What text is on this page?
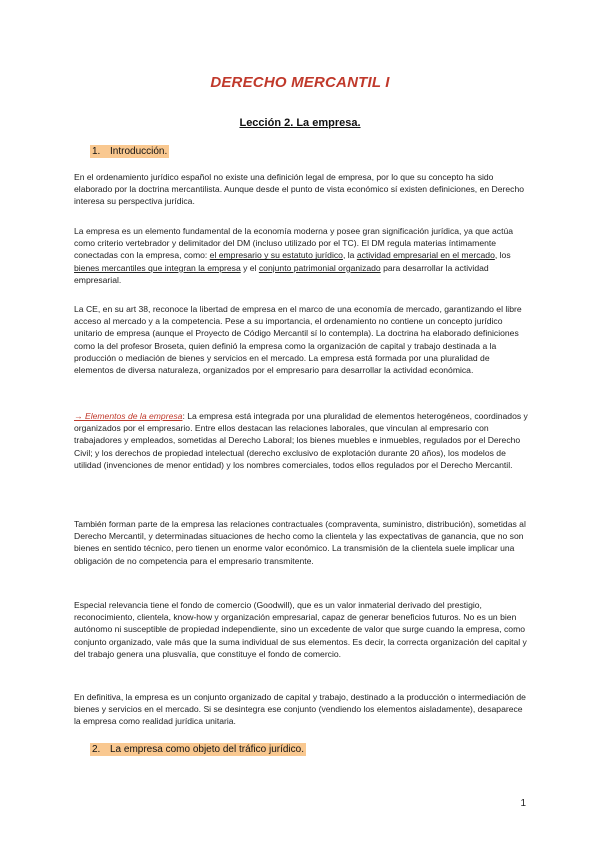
DERECHO MERCANTIL I
Lección 2. La empresa.
1. Introducción.

En el ordenamiento jurídico español no existe una definición legal de empresa, por lo que su concepto ha sido elaborado por la doctrina mercantilista. Aunque desde el punto de vista económico sí existen definiciones, en Derecho interesa su perspectiva jurídica.

La empresa es un elemento fundamental de la economía moderna y posee gran significación jurídica, ya que actúa como criterio vertebrador y delimitador del DM (incluso utilizado por el TC). El DM regula materias íntimamente conectadas con la empresa, como: el empresario y su estatuto jurídico, la actividad empresarial en el mercado, los bienes mercantiles que integran la empresa y el conjunto patrimonial organizado para desarrollar la actividad empresarial.

La CE, en su art 38, reconoce la libertad de empresa en el marco de una economía de mercado, garantizando el libre acceso al mercado y a la competencia. Pese a su importancia, el ordenamiento no contiene un concepto jurídico unitario de empresa (aunque el Proyecto de Código Mercantil sí lo contempla). La doctrina ha elaborado definiciones como la del profesor Broseta, quien definió la empresa como la organización de capital y trabajo destinada a la producción o mediación de bienes y servicios en el mercado. La empresa está formada por una pluralidad de elementos de diversa naturaleza, organizados por el empresario para desarrollar la actividad económica.

→ Elementos de la empresa: La empresa está integrada por una pluralidad de elementos heterogéneos, coordinados y organizados por el empresario. Entre ellos destacan las relaciones laborales, que vinculan al empresario con trabajadores y empleados, sometidas al Derecho Laboral; los bienes muebles e inmuebles, regulados por el Derecho Civil; y los derechos de propiedad intelectual (derecho exclusivo de explotación durante 20 años), los modelos de utilidad (invenciones de menor entidad) y los nombres comerciales, todos ellos regulados por el Derecho Mercantil.

También forman parte de la empresa las relaciones contractuales (compraventa, suministro, distribución), sometidas al Derecho Mercantil, y determinadas situaciones de hecho como la clientela y las expectativas de ganancia, que no son bienes en sentido técnico, pero tienen un enorme valor económico. La transmisión de la clientela suele implicar una obligación de no competencia para el empresario transmitente.

Especial relevancia tiene el fondo de comercio (Goodwill), que es un valor inmaterial derivado del prestigio, reconocimiento, clientela, know-how y organización empresarial, capaz de generar beneficios futuros. No es un bien autónomo ni susceptible de propiedad independiente, sino un excedente de valor que surge cuando la empresa, como conjunto organizado, vale más que la suma individual de sus elementos. Es decir, la correcta organización del capital y del trabajo genera una plusvalía, que constituye el fondo de comercio.

En definitiva, la empresa es un conjunto organizado de capital y trabajo, destinado a la producción o intermediación de bienes y servicios en el mercado. Si se desintegra ese conjunto (vendiendo los elementos aisladamente), desaparece la empresa como realidad jurídica unitaria.

2. La empresa como objeto del tráfico jurídico.
1
